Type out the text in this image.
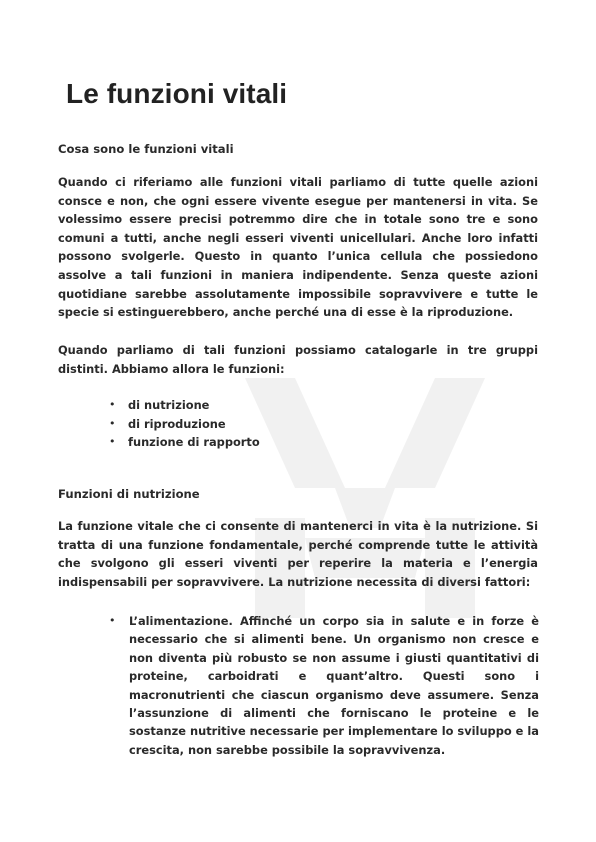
Le funzioni vitali
Cosa sono le funzioni vitali

Quando ci riferiamo alle funzioni vitali parliamo di tutte quelle azioni consce e non, che ogni essere vivente esegue per mantenersi in vita. Se volessimo essere precisi potremmo dire che in totale sono tre e sono comuni a tutti, anche negli esseri viventi unicellulari. Anche loro infatti possono svolgerle. Questo in quanto l’unica cellula che possiedono assolve a tali funzioni in maniera indipendente. Senza queste azioni quotidiane sarebbe assolutamente impossibile sopravvivere e tutte le specie si estinguerebbero, anche perché una di esse è la riproduzione.

Quando parliamo di tali funzioni possiamo catalogarle in tre gruppi distinti. Abbiamo allora le funzioni:

• di nutrizione
• di riproduzione
• funzione di rapporto
Funzioni di nutrizione

La funzione vitale che ci consente di mantenerci in vita è la nutrizione. Si tratta di una funzione fondamentale, perché comprende tutte le attività che svolgono gli esseri viventi per reperire la materia e l’energia indispensabili per sopravvivere. La nutrizione necessita di diversi fattori:

• L’alimentazione. Affinché un corpo sia in salute e in forze è necessario che si alimenti bene. Un organismo non cresce e non diventa più robusto se non assume i giusti quantitativi di proteine, carboidrati e quant’altro. Questi sono i macronutrienti che ciascun organismo deve assumere. Senza l’assunzione di alimenti che forniscano le proteine e le sostanze nutritive necessarie per implementare lo sviluppo e la crescita, non sarebbe possibile la sopravvivenza.
